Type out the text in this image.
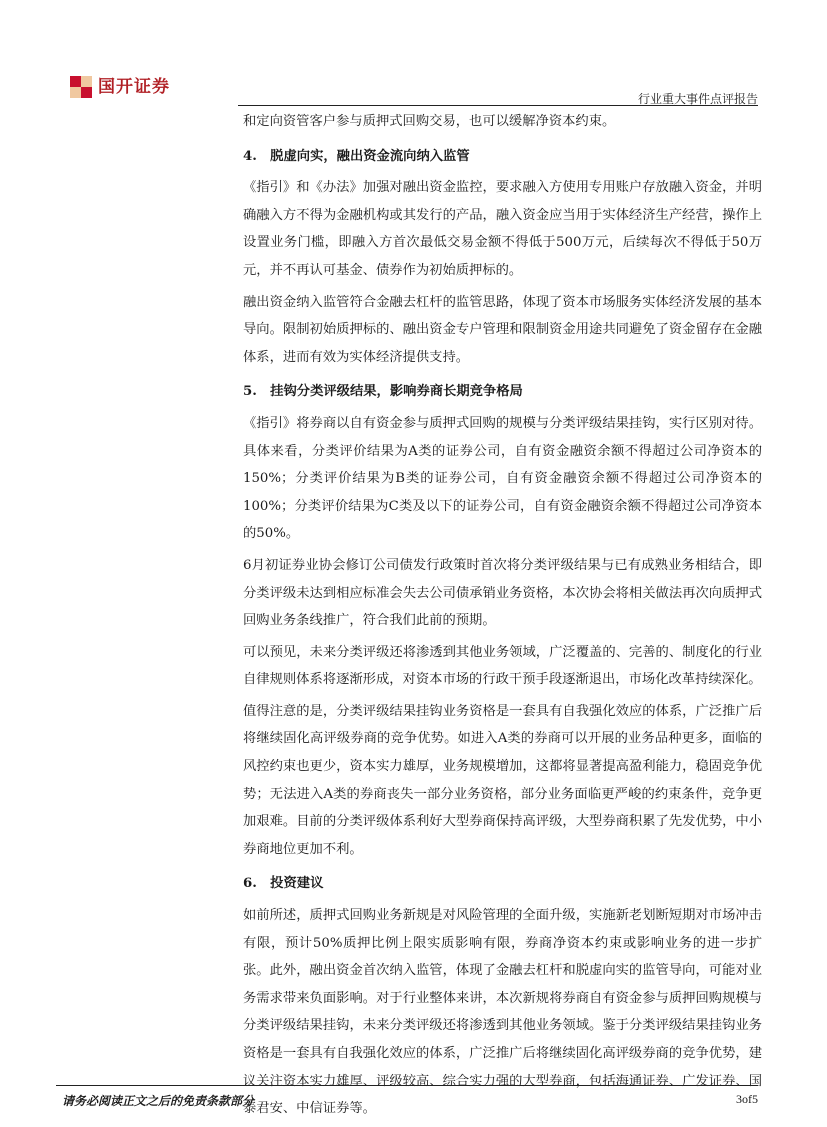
国开证券
行业重大事件点评报告

和定向资管客户参与质押式回购交易，也可以缓解净资本约束。

4.　脱虚向实，融出资金流向纳入监管

《指引》和《办法》加强对融出资金监控，要求融入方使用专用账户存放融入资金，并明确融入方不得为金融机构或其发行的产品，融入资金应当用于实体经济生产经营，操作上设置业务门槛，即融入方首次最低交易金额不得低于500万元，后续每次不得低于50万元，并不再认可基金、债券作为初始质押标的。

融出资金纳入监管符合金融去杠杆的监管思路，体现了资本市场服务实体经济发展的基本导向。限制初始质押标的、融出资金专户管理和限制资金用途共同避免了资金留存在金融体系，进而有效为实体经济提供支持。

5.　挂钩分类评级结果，影响券商长期竞争格局

《指引》将券商以自有资金参与质押式回购的规模与分类评级结果挂钩，实行区别对待。具体来看，分类评价结果为A类的证券公司，自有资金融资余额不得超过公司净资本的150%；分类评价结果为B类的证券公司，自有资金融资余额不得超过公司净资本的100%；分类评价结果为C类及以下的证券公司，自有资金融资余额不得超过公司净资本的50%。

6月初证券业协会修订公司债发行政策时首次将分类评级结果与已有成熟业务相结合，即分类评级未达到相应标准会失去公司债承销业务资格，本次协会将相关做法再次向质押式回购业务条线推广，符合我们此前的预期。

可以预见，未来分类评级还将渗透到其他业务领域，广泛覆盖的、完善的、制度化的行业自律规则体系将逐渐形成，对资本市场的行政干预手段逐渐退出，市场化改革持续深化。

值得注意的是，分类评级结果挂钩业务资格是一套具有自我强化效应的体系，广泛推广后将继续固化高评级券商的竞争优势。如进入A类的券商可以开展的业务品种更多，面临的风控约束也更少，资本实力雄厚，业务规模增加，这都将显著提高盈利能力，稳固竞争优势；无法进入A类的券商丧失一部分业务资格，部分业务面临更严峻的约束条件，竞争更加艰难。目前的分类评级体系利好大型券商保持高评级，大型券商积累了先发优势，中小券商地位更加不利。

6.　投资建议

如前所述，质押式回购业务新规是对风险管理的全面升级，实施新老划断短期对市场冲击有限，预计50%质押比例上限实质影响有限，券商净资本约束或影响业务的进一步扩张。此外，融出资金首次纳入监管，体现了金融去杠杆和脱虚向实的监管导向，可能对业务需求带来负面影响。对于行业整体来讲，本次新规将券商自有资金参与质押回购规模与分类评级结果挂钩，未来分类评级还将渗透到其他业务领域。鉴于分类评级结果挂钩业务资格是一套具有自我强化效应的体系，广泛推广后将继续固化高评级券商的竞争优势，建议关注资本实力雄厚、评级较高、综合实力强的大型券商，包括海通证券、广发证券、国泰君安、中信证券等。

请务必阅读正文之后的免责条款部分	3of5
